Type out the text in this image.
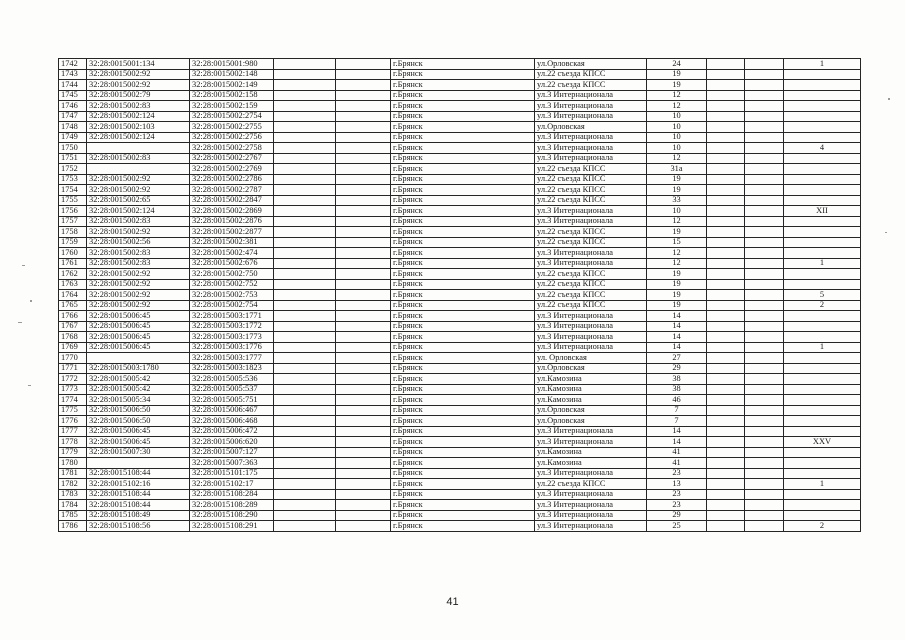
1742	32:28:0015001:134	32:28:0015001:980			г.Брянск	ул.Орловская	24			1
1743	32:28:0015002:92	32:28:0015002:148			г.Брянск	ул.22 съезда КПСС	19			
1744	32:28:0015002:92	32:28:0015002:149			г.Брянск	ул.22 съезда КПСС	19			
1745	32:28:0015002:79	32:28:0015002:158			г.Брянск	ул.3 Интернационала	12			
1746	32:28:0015002:83	32:28:0015002:159			г.Брянск	ул.3 Интернационала	12			
1747	32:28:0015002:124	32:28:0015002:2754			г.Брянск	ул.3 Интернационала	10			
1748	32:28:0015002:103	32:28:0015002:2755			г.Брянск	ул.Орловская	10			
1749	32:28:0015002:124	32:28:0015002:2756			г.Брянск	ул.3 Интернационала	10			
1750		32:28:0015002:2758			г.Брянск	ул.3 Интернационала	10			4
1751	32:28:0015002:83	32:28:0015002:2767			г.Брянск	ул.3 Интернационала	12			
1752		32:28:0015002:2769			г.Брянск	ул.22 съезда КПСС	31а			
1753	32:28:0015002:92	32:28:0015002:2786			г.Брянск	ул.22 съезда КПСС	19			
1754	32:28:0015002:92	32:28:0015002:2787			г.Брянск	ул.22 съезда КПСС	19			
1755	32:28:0015002:65	32:28:0015002:2847			г.Брянск	ул.22 съезда КПСС	33			
1756	32:28:0015002:124	32:28:0015002:2869			г.Брянск	ул.3 Интернационала	10			XII
1757	32:28:0015002:83	32:28:0015002:2876			г.Брянск	ул.3 Интернационала	12			
1758	32:28:0015002:92	32:28:0015002:2877			г.Брянск	ул.22 съезда КПСС	19			
1759	32:28:0015002:56	32:28:0015002:381			г.Брянск	ул.22 съезда КПСС	15			
1760	32:28:0015002:83	32:28:0015002:474			г.Брянск	ул.3 Интернационала	12			
1761	32:28:0015002:83	32:28:0015002:676			г.Брянск	ул.3 Интернационала	12			1
1762	32:28:0015002:92	32:28:0015002:750			г.Брянск	ул.22 съезда КПСС	19			
1763	32:28:0015002:92	32:28:0015002:752			г.Брянск	ул.22 съезда КПСС	19			
1764	32:28:0015002:92	32:28:0015002:753			г.Брянск	ул.22 съезда КПСС	19			5
1765	32:28:0015002:92	32:28:0015002:754			г.Брянск	ул.22 съезда КПСС	19			2
1766	32:28:0015006:45	32:28:0015003:1771			г.Брянск	ул.3 Интернационала	14			
1767	32:28:0015006:45	32:28:0015003:1772			г.Брянск	ул.3 Интернационала	14			
1768	32:28:0015006:45	32:28:0015003:1773			г.Брянск	ул.3 Интернационала	14			
1769	32:28:0015006:45	32:28:0015003:1776			г.Брянск	ул.3 Интернационала	14			1
1770		32:28:0015003:1777			г.Брянск	ул. Орловская	27			
1771	32:28:0015003:1780	32:28:0015003:1823			г.Брянск	ул.Орловская	29			
1772	32:28:0015005:42	32:28:0015005:536			г.Брянск	ул.Камозина	38			
1773	32:28:0015005:42	32:28:0015005:537			г.Брянск	ул.Камозина	38			
1774	32:28:0015005:34	32:28:0015005:751			г.Брянск	ул.Камозина	46			
1775	32:28:0015006:50	32:28:0015006:467			г.Брянск	ул.Орловская	7			
1776	32:28:0015006:50	32:28:0015006:468			г.Брянск	ул.Орловская	7			
1777	32:28:0015006:45	32:28:0015006:472			г.Брянск	ул.3 Интернационала	14			
1778	32:28:0015006:45	32:28:0015006:620			г.Брянск	ул.3 Интернационала	14			XXV
1779	32:28:0015007:30	32:28:0015007:127			г.Брянск	ул.Камозина	41			
1780		32:28:0015007:363			г.Брянск	ул.Камозина	41			
1781	32:28:0015108:44	32:28:0015101:175			г.Брянск	ул.3 Интернационала	23			
1782	32:28:0015102:16	32:28:0015102:17			г.Брянск	ул.22 съезда КПСС	13			1
1783	32:28:0015108:44	32:28:0015108:284			г.Брянск	ул.3 Интернационала	23			
1784	32:28:0015108:44	32:28:0015108:289			г.Брянск	ул.3 Интернационала	23			
1785	32:28:0015108:49	32:28:0015108:290			г.Брянск	ул.3 Интернационала	29			
1786	32:28:0015108:56	32:28:0015108:291			г.Брянск	ул.3 Интернационала	25			2
41
